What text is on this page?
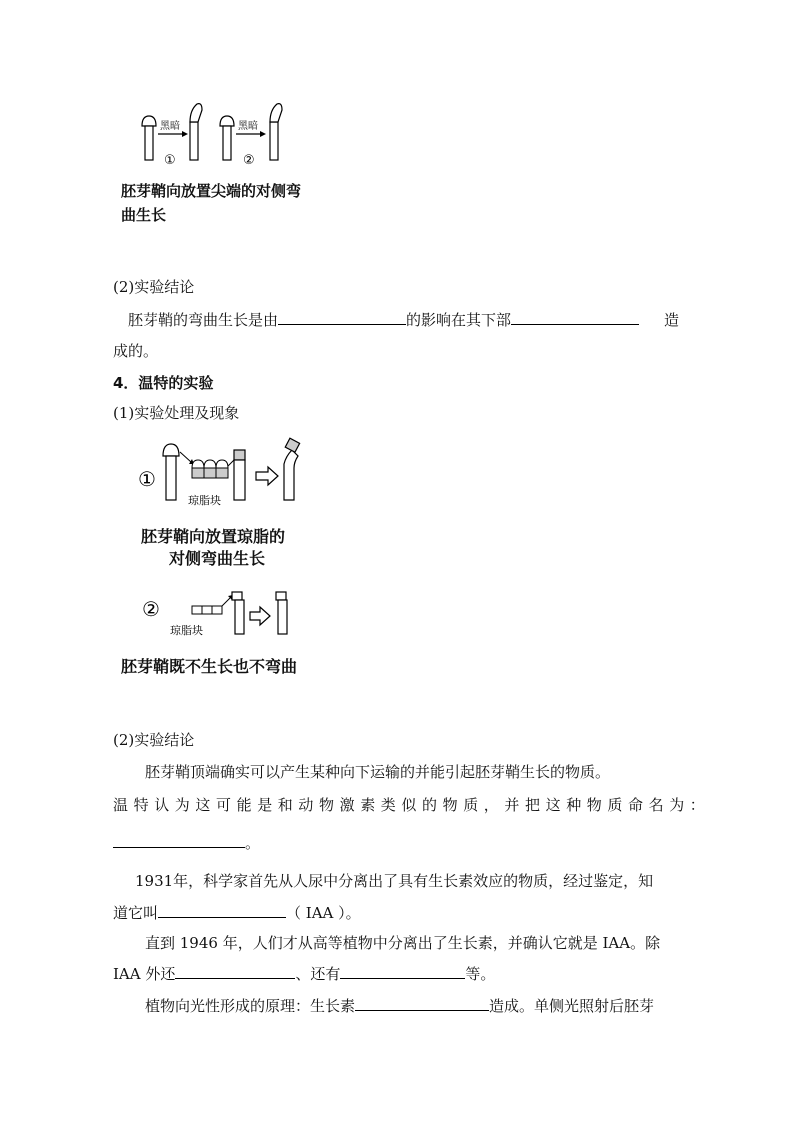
黑暗
①
黑暗
②
胚芽鞘向放置尖端的对侧弯
曲生长
(2)实验结论
胚芽鞘的弯曲生长是由	的影响在其下部	造
成的。
4．温特的实验
(1)实验处理及现象
①
琼脂块
胚芽鞘向放置琼脂的
对侧弯曲生长
②
琼脂块
胚芽鞘既不生长也不弯曲
(2)实验结论
胚芽鞘顶端确实可以产生某种向下运输的并能引起胚芽鞘生长的物质。
温特认为这可能是和动物激素类似的物质，并把这种物质命名为：
。
1931年，科学家首先从人尿中分离出了具有生长素效应的物质，经过鉴定，知
道它叫	（ IAA ）。
直到 1946 年，人们才从高等植物中分离出了生长素，并确认它就是 IAA。除
IAA 外还	、还有	等。
植物向光性形成的原理：生长素	造成。单侧光照射后胚芽
